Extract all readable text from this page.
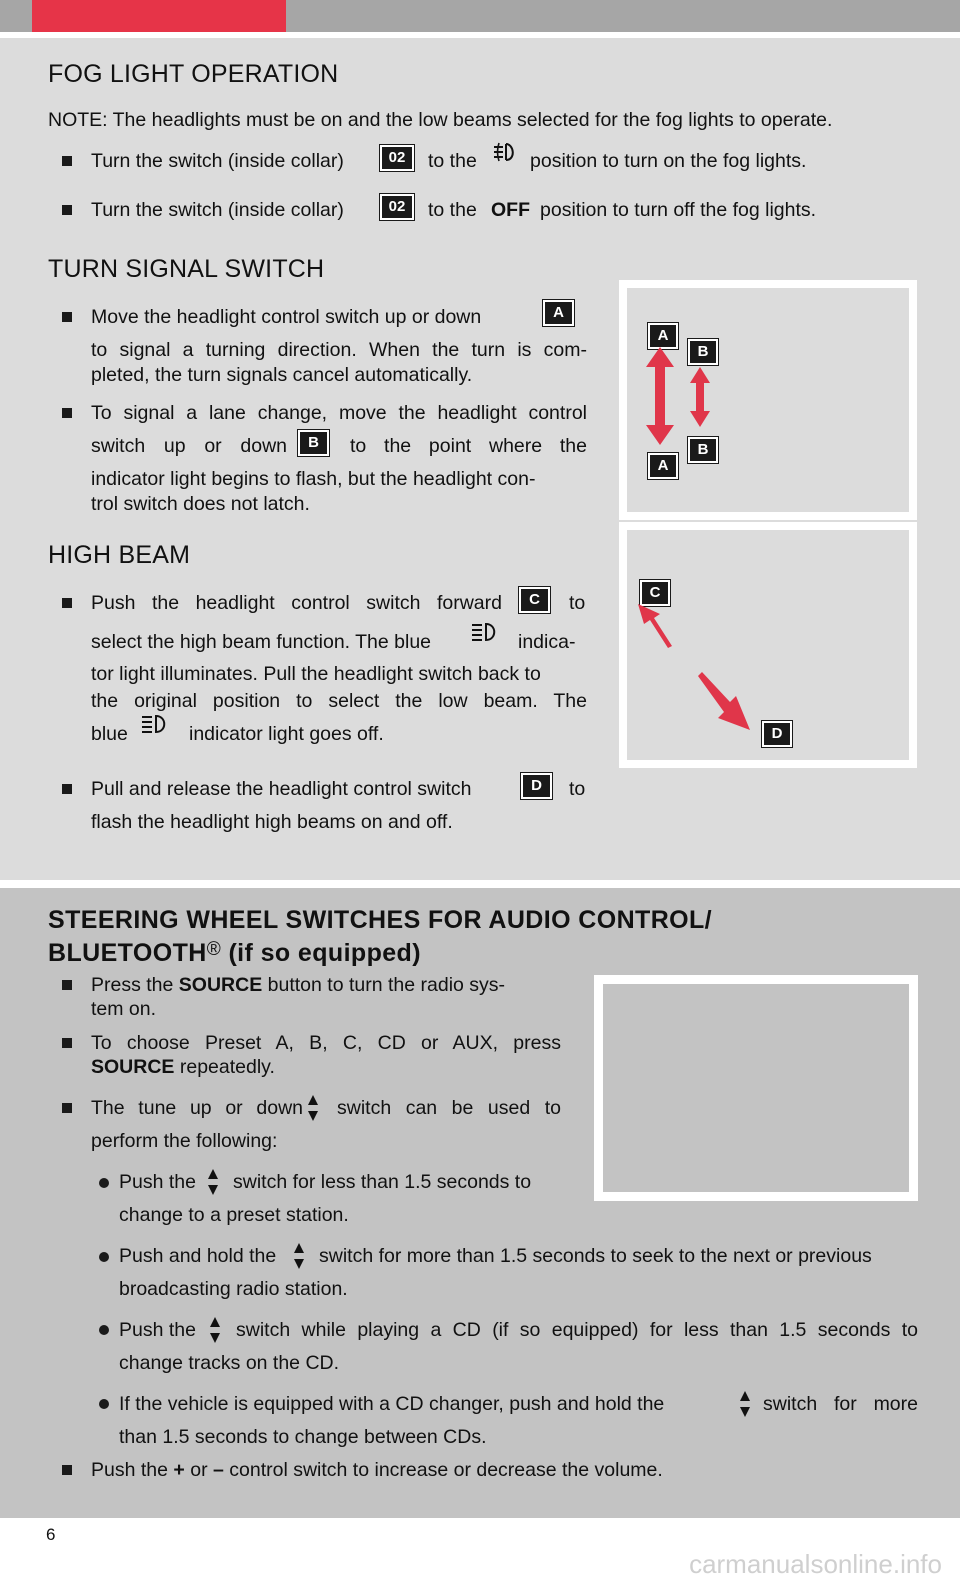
FOG LIGHT OPERATION
NOTE: The headlights must be on and the low beams selected for the fog lights to operate.
Turn the switch (inside collar)	02	to the	position to turn on the fog lights.
Turn the switch (inside collar)	02	to the OFF position to turn off the fog lights.
TURN SIGNAL SWITCH
Move the headlight control switch up or down	A
to signal a turning direction. When the turn is com-
pleted, the turn signals cancel automatically.
To signal a lane change, move the headlight control
switch up or down	B	to the point where the
indicator light begins to flash, but the headlight con-
trol switch does not latch.
A
B
A
B
HIGH BEAM
Push the headlight control switch forward	C	to
select the high beam function. The blue	indica-
tor light illuminates. Pull the headlight switch back to
the original position to select the low beam. The
blue	indicator light goes off.
Pull and release the headlight control switch	D	to
flash the headlight high beams on and off.
C
D
STEERING WHEEL SWITCHES FOR AUDIO CONTROL/
BLUETOOTH® (if so equipped)
Press the SOURCE button to turn the radio sys-
tem on.
To choose Preset A, B, C, CD or AUX, press
SOURCE repeatedly.
The tune up or down switch can be used to
perform the following:
Push the switch for less than 1.5 seconds to
change to a preset station.
Push and hold the switch for more than 1.5 seconds to seek to the next or previous
broadcasting radio station.
Push the switch while playing a CD (if so equipped) for less than 1.5 seconds to
change tracks on the CD.
If the vehicle is equipped with a CD changer, push and hold the	switch for more
than 1.5 seconds to change between CDs.
Push the + or – control switch to increase or decrease the volume.
6
carmanualsonline.info
